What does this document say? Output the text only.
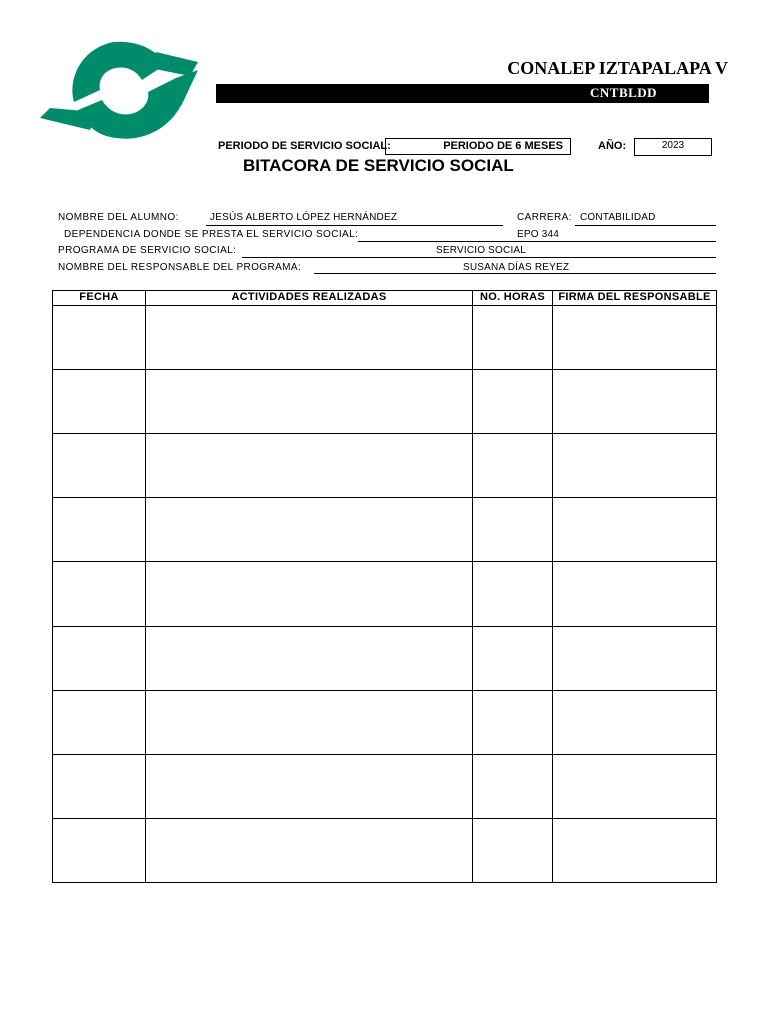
CONALEP IZTAPALAPA V
CNTBLDD
PERIODO DE SERVICIO SOCIAL:	PERIODO DE 6 MESES	AÑO:	2023
BITACORA DE SERVICIO SOCIAL
NOMBRE DEL ALUMNO:	JESÚS ALBERTO LÓPEZ HERNÁNDEZ	CARRERA: CONTABILIDAD
DEPENDENCIA DONDE SE PRESTA EL SERVICIO SOCIAL:	EPO 344
PROGRAMA DE SERVICIO SOCIAL:	SERVICIO SOCIAL
NOMBRE DEL RESPONSABLE DEL PROGRAMA:	SUSANA DÍAS REYEZ
FECHA	ACTIVIDADES REALIZADAS	NO. HORAS	FIRMA DEL RESPONSABLE
